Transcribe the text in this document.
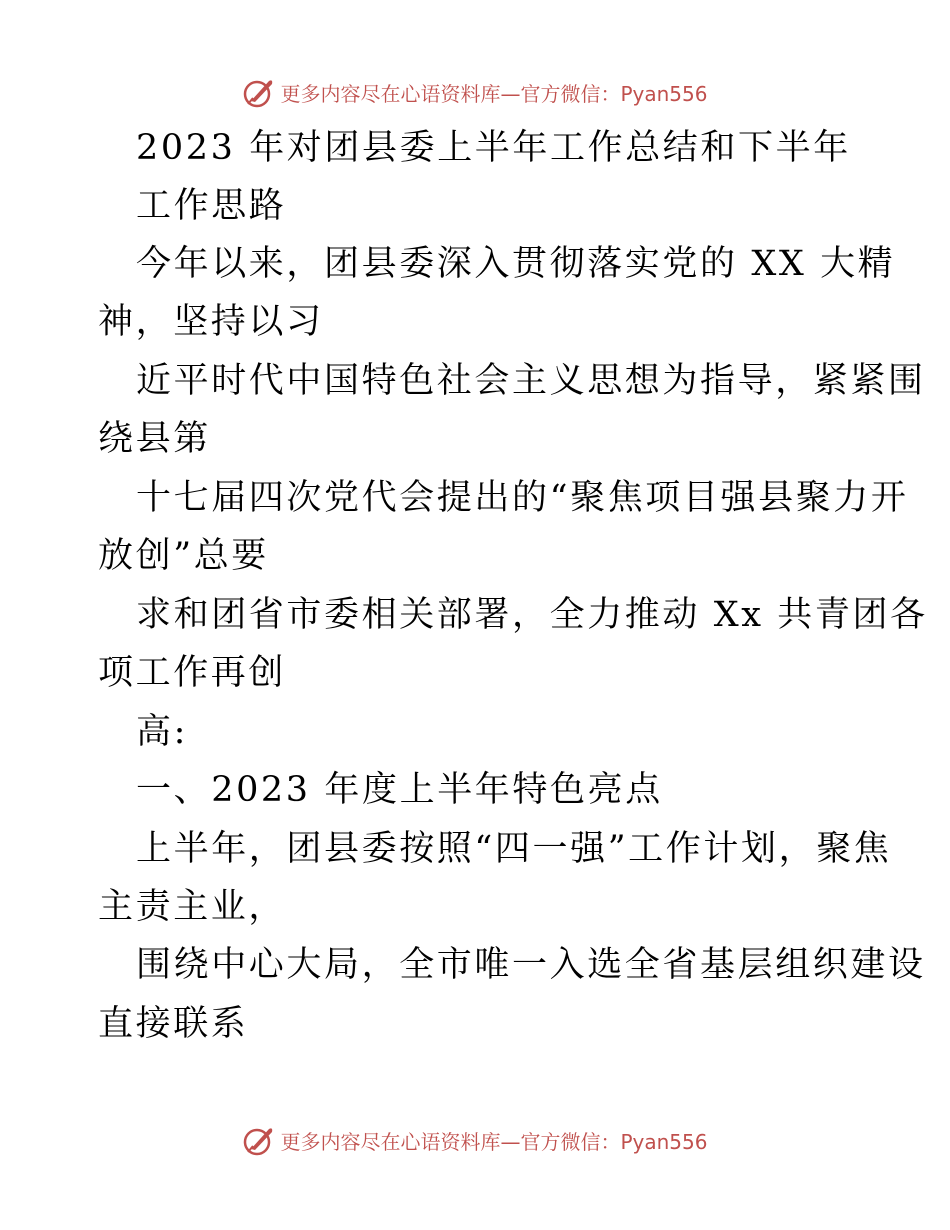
更多内容尽在心语资料库—官方微信：Pyan556
2023 年对团县委上半年工作总结和下半年
工作思路
今年以来，团县委深入贯彻落实党的 XX 大精
神，坚持以习
近平时代中国特色社会主义思想为指导，紧紧围
绕县第
十七届四次党代会提出的“聚焦项目强县聚力开
放创”总要
求和团省市委相关部署，全力推动 Xx 共青团各
项工作再创
高:
一、2023 年度上半年特色亮点
上半年，团县委按照“四一强”工作计划，聚焦
主责主业，
围绕中心大局，全市唯一入选全省基层组织建设
直接联系
更多内容尽在心语资料库—官方微信：Pyan556
